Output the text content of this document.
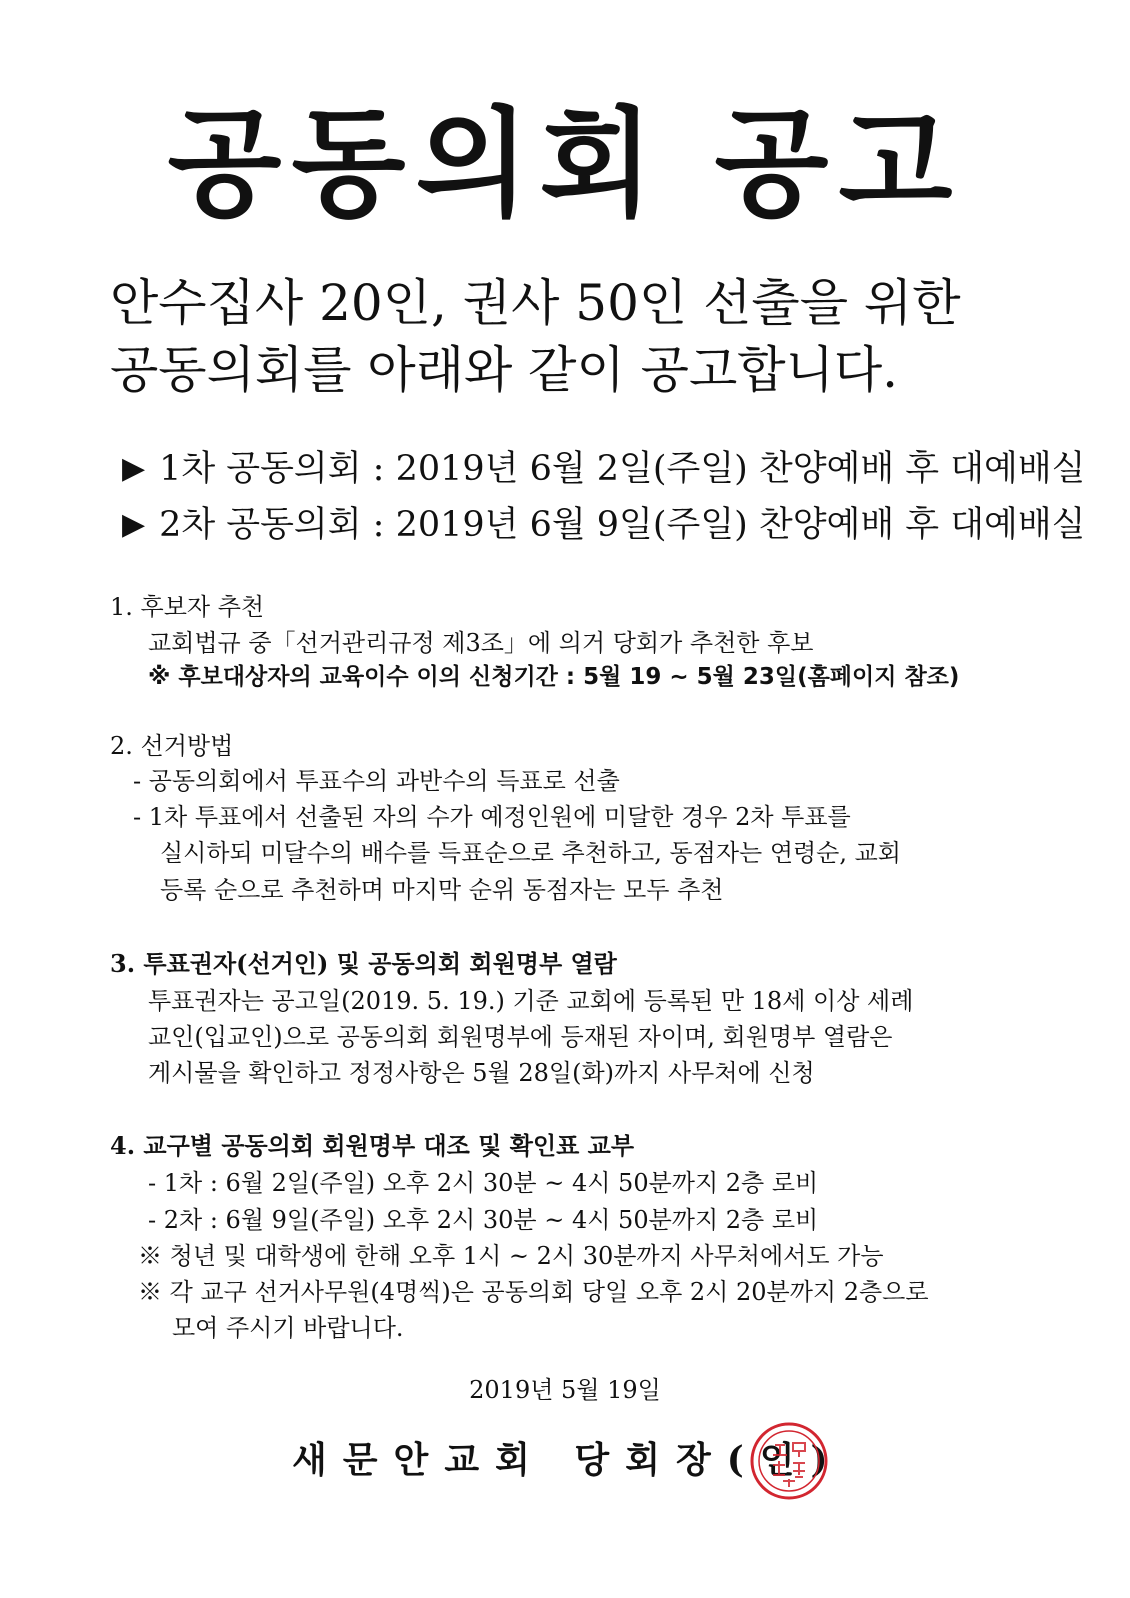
공동의회 공고
안수집사 20인, 권사 50인 선출을 위한
공동의회를 아래와 같이 공고합니다.
▶ 1차 공동의회 : 2019년 6월 2일(주일) 찬양예배 후 대예배실
▶ 2차 공동의회 : 2019년 6월 9일(주일) 찬양예배 후 대예배실
1. 후보자 추천
교회법규 중「선거관리규정 제3조」에 의거 당회가 추천한 후보
※ 후보대상자의 교육이수 이의 신청기간 : 5월 19 ~ 5월 23일(홈페이지 참조)
2. 선거방법
- 공동의회에서 투표수의 과반수의 득표로 선출
- 1차 투표에서 선출된 자의 수가 예정인원에 미달한 경우 2차 투표를
실시하되 미달수의 배수를 득표순으로 추천하고, 동점자는 연령순, 교회
등록 순으로 추천하며 마지막 순위 동점자는 모두 추천
3. 투표권자(선거인) 및 공동의회 회원명부 열람
투표권자는 공고일(2019. 5. 19.) 기준 교회에 등록된 만 18세 이상 세례
교인(입교인)으로 공동의회 회원명부에 등재된 자이며, 회원명부 열람은
게시물을 확인하고 정정사항은 5월 28일(화)까지 사무처에 신청
4. 교구별 공동의회 회원명부 대조 및 확인표 교부
- 1차 : 6월 2일(주일) 오후 2시 30분 ~ 4시 50분까지 2층 로비
- 2차 : 6월 9일(주일) 오후 2시 30분 ~ 4시 50분까지 2층 로비
※ 청년 및 대학생에 한해 오후 1시 ~ 2시 30분까지 사무처에서도 가능
※ 각 교구 선거사무원(4명씩)은 공동의회 당일 오후 2시 20분까지 2층으로
모여 주시기 바랍니다.
2019년 5월 19일
새문안교회 당회장(인)
